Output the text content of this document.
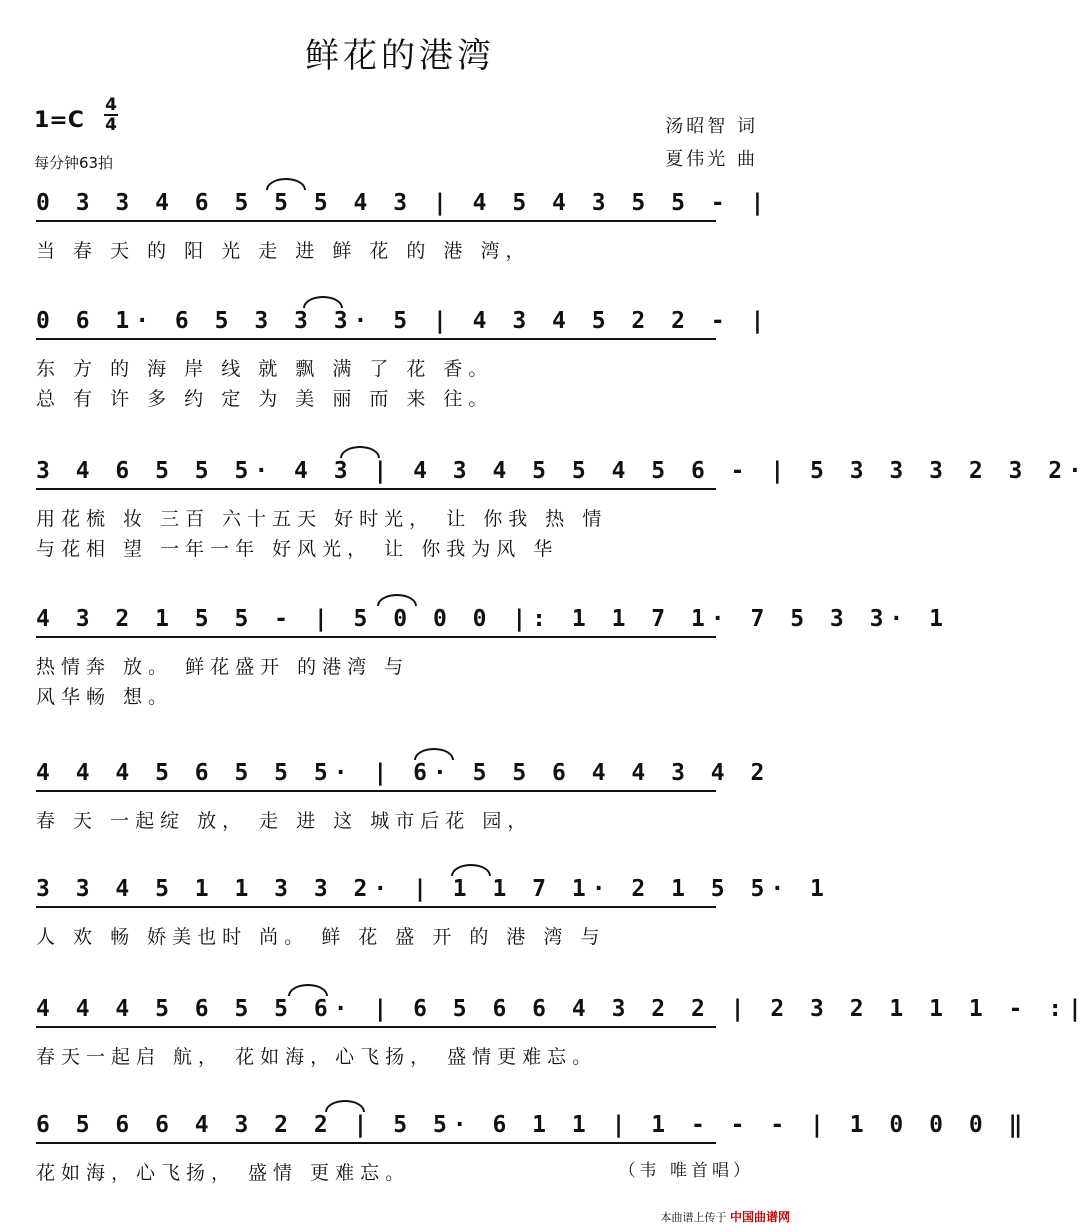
鲜花的港湾
1=C
4
4
每分钟63拍
汤昭智 词
夏伟光 曲
0 3 3 4 6 5 5 5 4 3 | 4 5 4 3 5 5 - |
当 春 天 的 阳 光 走 进 鲜 花 的 港 湾，
0 6 1· 6 5 3 3 3· 5 | 4 3 4 5 2 2 - |
东 方 的 海 岸 线 就 飘 满 了 花 香。
总 有 许 多 约 定 为 美 丽 而 来 往。
3 4 6 5 5 5· 4 3 | 4 3 4 5 5 4 5 6 - | 5 3 3 3 2 3 2·
用花梳 妆 三百 六十五天 好时光， 让 你我 热 情
与花相 望 一年一年 好风光， 让 你我为风 华
4 3 2 1 5 5 - | 5 0 0 0 |: 1 1 7 1· 7 5 3 3· 1
热情奔 放。 鲜花盛开 的港湾 与
风华畅 想。
4 4 4 5 6 5 5 5· | 6· 5 5 6 4 4 3 4 2
春 天 一起绽 放， 走 进 这 城市后花 园，
3 3 4 5 1 1 3 3 2· | 1 1 7 1· 2 1 5 5· 1
人 欢 畅 娇美也时 尚。 鲜 花 盛 开 的 港 湾 与
4 4 4 5 6 5 5 6· | 6 5 6 6 4 3 2 2 | 2 3 2 1 1 1 - :|
春天一起启 航， 花如海，心飞扬， 盛情更难忘。
6 5 6 6 4 3 2 2 | 5 5· 6 1 1 | 1 - - - | 1 0 0 0 ‖
花如海，心飞扬， 盛情 更难忘。	（韦 唯首唱）
本曲谱上传于 中国曲谱网
